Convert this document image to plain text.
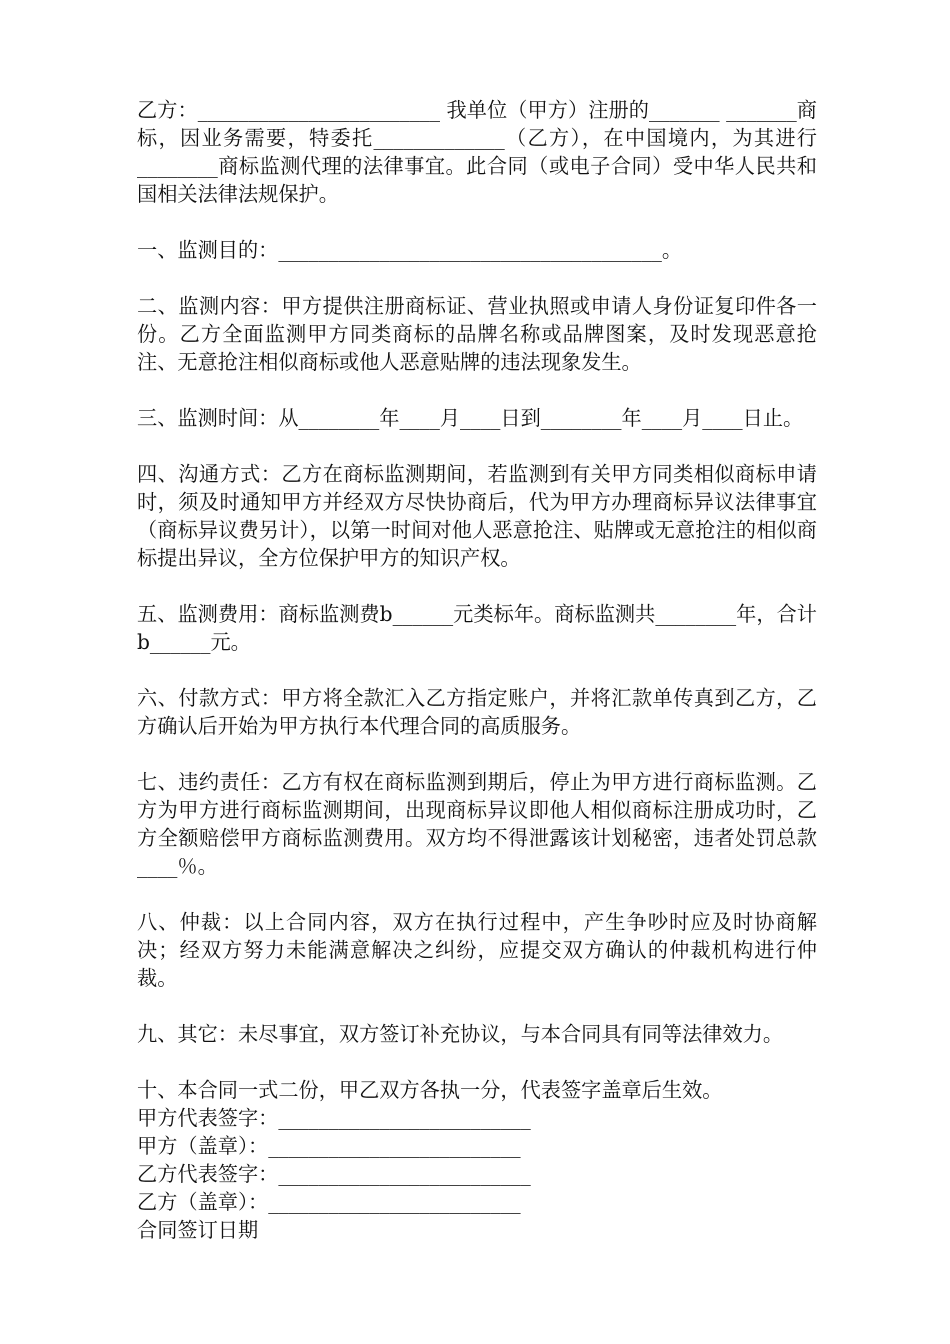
乙方：________________________ 我单位（甲方）注册的_______ _______商标，因业务需要，特委托_____________（乙方），在中国境内，为其进行________商标监测代理的法律事宜。此合同（或电子合同）受中华人民共和国相关法律法规保护。

一、监测目的：______________________________________。

二、监测内容：甲方提供注册商标证、营业执照或申请人身份证复印件各一份。乙方全面监测甲方同类商标的品牌名称或品牌图案，及时发现恶意抢注、无意抢注相似商标或他人恶意贴牌的违法现象发生。

三、监测时间：从________年____月____日到________年____月____日止。

四、沟通方式：乙方在商标监测期间，若监测到有关甲方同类相似商标申请时，须及时通知甲方并经双方尽快协商后，代为甲方办理商标异议法律事宜（商标异议费另计），以第一时间对他人恶意抢注、贴牌或无意抢注的相似商标提出异议，全方位保护甲方的知识产权。

五、监测费用：商标监测费b______元类标年。商标监测共________年，合计b______元。

六、付款方式：甲方将全款汇入乙方指定账户，并将汇款单传真到乙方，乙方确认后开始为甲方执行本代理合同的高质服务。

七、违约责任：乙方有权在商标监测到期后，停止为甲方进行商标监测。乙方为甲方进行商标监测期间，出现商标异议即他人相似商标注册成功时，乙方全额赔偿甲方商标监测费用。双方均不得泄露该计划秘密，违者处罚总款____％。

八、仲裁：以上合同内容，双方在执行过程中，产生争吵时应及时协商解决；经双方努力未能满意解决之纠纷，应提交双方确认的仲裁机构进行仲裁。

九、其它：未尽事宜，双方签订补充协议，与本合同具有同等法律效力。

十、本合同一式二份，甲乙双方各执一分，代表签字盖章后生效。

甲方代表签字：_________________________

甲方（盖章）：_________________________

乙方代表签字：_________________________

乙方（盖章）：_________________________

合同签订日期
